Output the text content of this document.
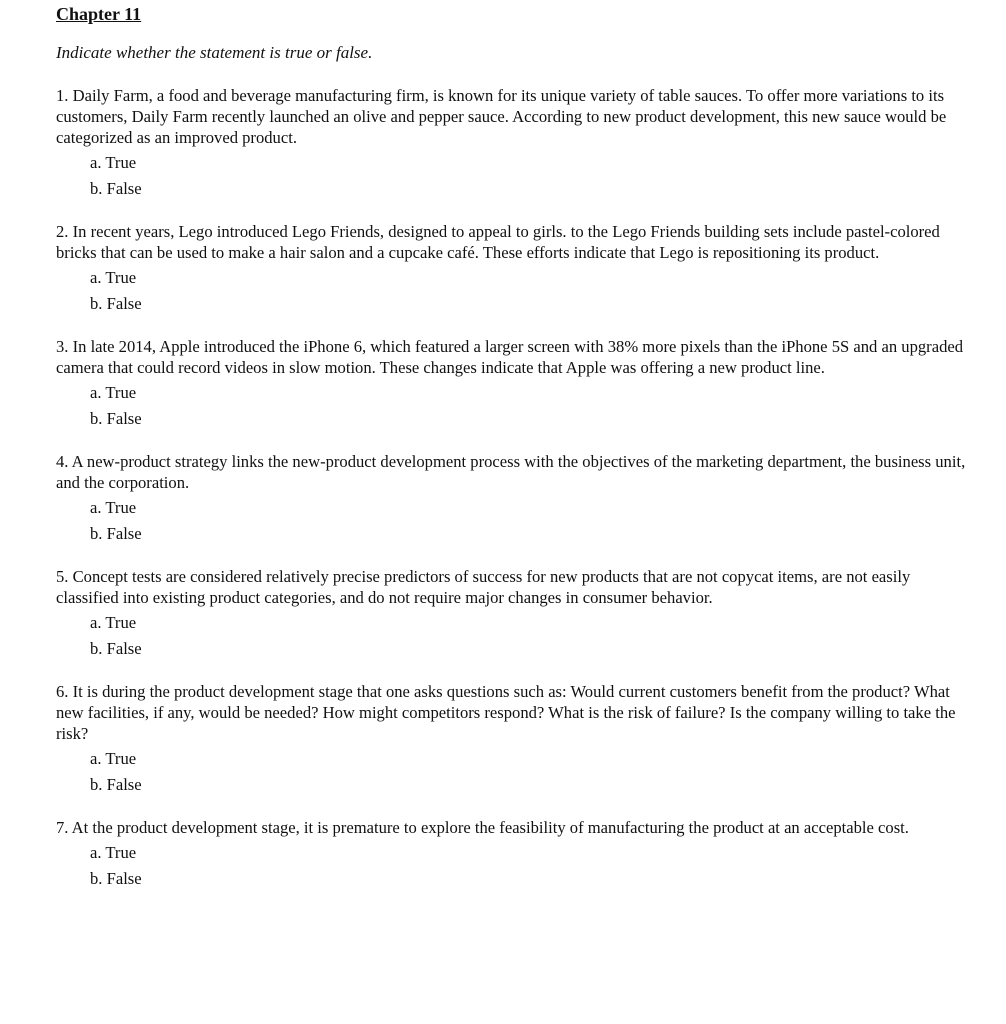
Chapter 11

Indicate whether the statement is true or false.

1. Daily Farm, a food and beverage manufacturing firm, is known for its unique variety of table sauces. To offer more variations to its customers, Daily Farm recently launched an olive and pepper sauce. According to new product development, this new sauce would be categorized as an improved product.

a. True
b. False

2. In recent years, Lego introduced Lego Friends, designed to appeal to girls. to the Lego Friends building sets include pastel-colored bricks that can be used to make a hair salon and a cupcake café. These efforts indicate that Lego is repositioning its product.

a. True
b. False

3. In late 2014, Apple introduced the iPhone 6, which featured a larger screen with 38% more pixels than the iPhone 5S and an upgraded camera that could record videos in slow motion. These changes indicate that Apple was offering a new product line.

a. True
b. False

4. A new-product strategy links the new-product development process with the objectives of the marketing department, the business unit, and the corporation.

a. True
b. False

5. Concept tests are considered relatively precise predictors of success for new products that are not copycat items, are not easily classified into existing product categories, and do not require major changes in consumer behavior.

a. True
b. False

6. It is during the product development stage that one asks questions such as: Would current customers benefit from the product? What new facilities, if any, would be needed? How might competitors respond? What is the risk of failure? Is the company willing to take the risk?

a. True
b. False

7. At the product development stage, it is premature to explore the feasibility of manufacturing the product at an acceptable cost.

a. True
b. False
